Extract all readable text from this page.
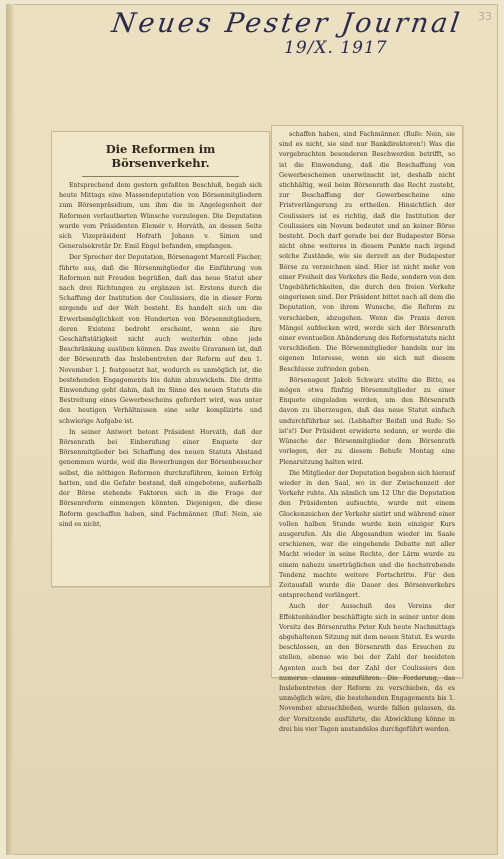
Neues Pester Journal
19/X. 1917
33
Die Reformen im Börsenverkehr.

Entsprechend dem gestern gefaßten Beschluß, begab sich heute Mittags eine Massendeputation von Börsenmitgliedern zum Börsenpräsidium, um ihm die in Angelegenheit der Reformen verlautbarten Wünsche vorzulegen. Die Deputation wurde vom Präsidenten Elemér v. Horváth, an dessen Seite sich Vizepräsident Hofrath Johann v. Simon und Generalsekretär Dr. Emil Engel befanden, empfangen.

Der Sprecher der Deputation, Börsenagent Marcell Fischer, führte aus, daß die Börsenmitglieder die Einführung von Reformen mit Freuden begrüßen, daß das neue Statut aber nach drei Richtungen zu ergänzen ist. Erstens durch die Schaffung der Institution der Coulissiers, die in dieser Form nirgends auf der Welt besteht. Es handelt sich um die Erwerbsmöglichkeit von Hunderten von Börsenmitgliedern, deren Existenz bedroht erscheint, wenn sie ihre Geschäftstätigkeit nicht auch weiterhin ohne jede Beschränkung ausüben können. Das zweite Gravamen ist, daß der Börsenrath das Inslebentreten der Reform auf den 1. November l. J. festgesetzt hat, wodurch es unmöglich ist, die bestehenden Engagements bis dahin abzuwickeln. Die dritte Einwendung geht dahin, daß im Sinne des neuen Statuts die Bestreitung eines Gewerbescheins gefordert wird, was unter den heutigen Verhältnissen eine sehr komplizirte und schwierige Aufgabe ist.

In seiner Antwort betont Präsident Horváth, daß der Börsenrath bei Einberufung einer Enquete der Börsenmitglieder bei Schaffung des neuen Statuts Abstand genommen wurde, weil die Bewerbungen der Börsenbesucher selbst, die nöthigen Reformen durchzuführen, keinen Erfolg hatten, und die Gefahr bestand, daß eingebotene, außerhalb der Börse stehende Faktoren sich in die Frage der Börsenreform einmengen könnten. Diejenigen, die diese Reform geschaffen haben, sind Fachmänner. (Ruf: Nein, sie sind es nicht,

schaffen haben, sind Fachmänner. (Rufe: Nein, sie sind es nicht, sie sind nur Bankdirektoren!) Was die vorgebrachten besonderen Beschwerden betrifft, so ist die Einwendung, daß die Beschaffung von Gewerbescheinen unerwünscht ist, deshalb nicht stichhältig, weil beim Börsenrath das Recht zusteht, zur Beschaffung der Gewerbescheine eine Fristverlängerung zu ertheilen. Hinsichtlich der Coulissiers ist es richtig, daß die Institution der Coulissiers ein Novum bedeutet und an keiner Börse besteht. Doch darf gerade bei der Budapester Börse nicht ohne weiteres in diesem Punkte nach irgend solche Zustände, wie sie derzeit an der Budapester Börse zu verzeichnen sind. Hier ist nicht mehr von einer Freiheit des Verkehrs die Rede, sondern von den Ungebührlichkeiten, die durch den freien Verkehr eingerissen sind. Der Präsident bittet nach all dem die Deputation, von ihrem Wunsche, die Reform zu verschieben, abzugehen. Wenn die Praxis deren Mängel aufdecken wird, werde sich der Börsenrath einer eventuellen Abänderung des Reformstatuts nicht verschließen. Die Börsenmitglieder handeln nur im eigenen Interesse, wenn sie sich mit diesem Beschlusse zufrieden geben.

Börsenagent Jakob Schwarz stellte die Bitte, es mögen etwa fünfzig Börsenmitglieder zu einer Enquete eingeladen werden, um den Börsenrath davon zu überzeugen, daß das neue Statut einfach undurchführbar sei. (Lebhafter Beifall und Rufe: So ist's!) Der Präsident erwiderte sodann, er werde die Wünsche der Börsenmitglieder dem Börsenrath vorlegen, der zu diesem Behufe Montag eine Plenarsitzung halten wird.

Die Mitglieder der Deputation begaben sich hierauf wieder in den Saal, wo in der Zwischenzeit der Verkehr ruhte. Als nämlich um 12 Uhr die Deputation den Präsidenten aufsuchte, wurde mit einem Glockenzeichen der Verkehr sistirt und während einer vollen halben Stunde wurde kein einziger Kurs ausgerufen. Als die Abgesandten wieder im Saale erschienen, war die eingehende Debatte mit aller Macht wieder in seine Rechte, der Lärm wurde zu einem nahezu unerträglichen und die hochstrebende Tendenz machte weitere Fortschritte. Für den Zeitausfall wurde die Dauer des Börsenverkehrs entsprechend verlängert.

Auch der Ausschuß des Vereins der Effektenhändler beschäftigte sich in seiner unter dem Vorsitz des Börsenraths Peter Kuh heute Nachmittags abgehaltenen Sitzung mit dem neuen Statut. Es wurde beschlossen, an den Börsenrath das Ersuchen zu stellen, ebenso wie bei der Zahl der beeideten Agenten auch bei der Zahl der Coulissiers den numerus clausus einzuführen. Die Forderung, das Inslebentreten der Reform zu verschieben, da es unmöglich wäre, die bestehenden Engagements bis 1. November abzuschließen, wurde fallen gelassen, da der Vorsitzende ausführte, die Abwicklung könne in drei bis vier Tagen anstandslos durchgeführt werden.
